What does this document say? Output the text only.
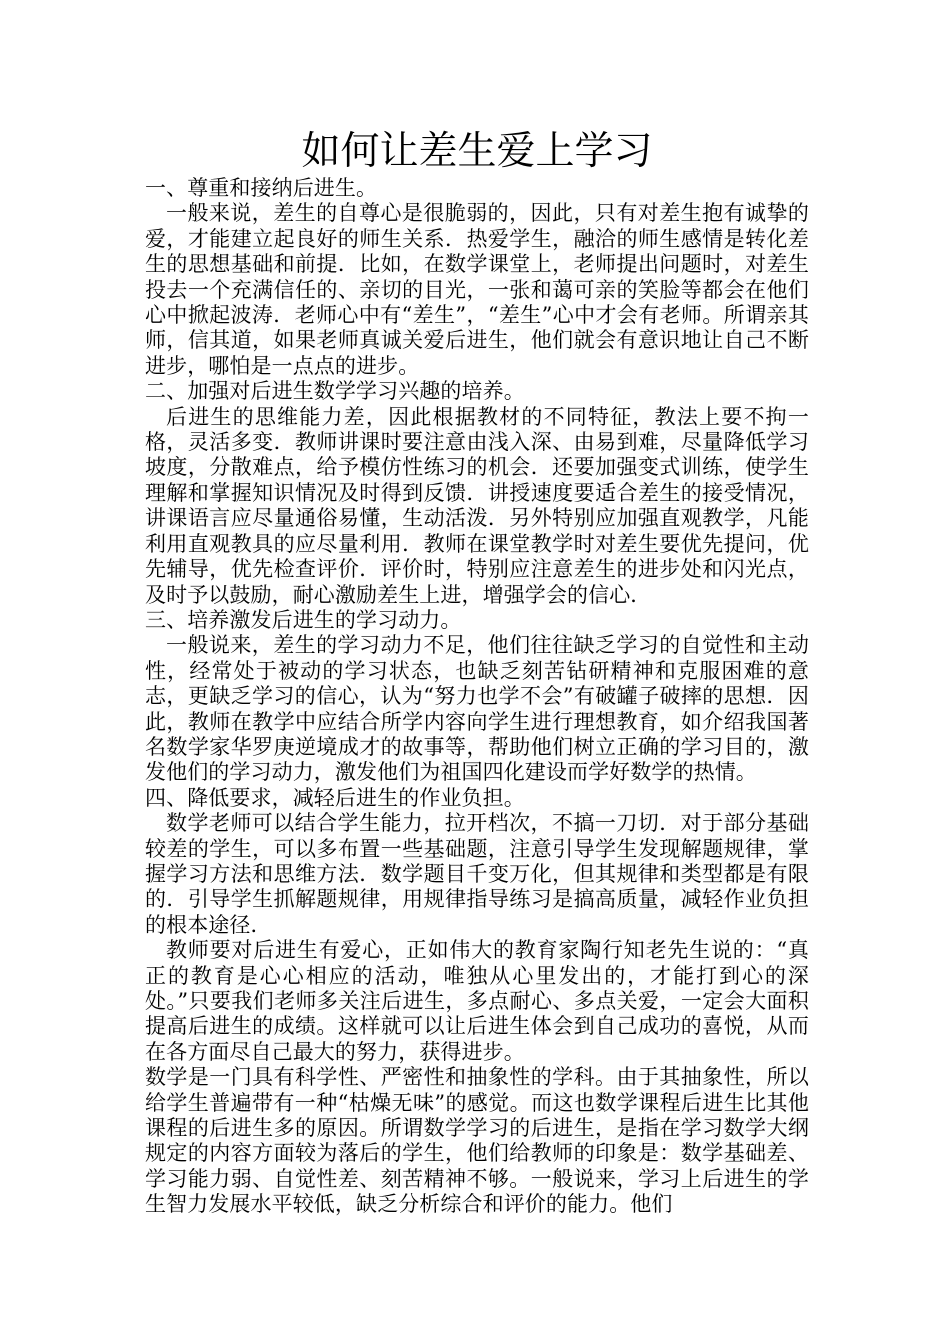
如何让差生爱上学习

一、尊重和接纳后进生。

一般来说，差生的自尊心是很脆弱的，因此，只有对差生抱有诚挚的爱，才能建立起良好的师生关系．热爱学生，融洽的师生感情是转化差生的思想基础和前提．比如，在数学课堂上，老师提出问题时，对差生投去一个充满信任的、亲切的目光，一张和蔼可亲的笑脸等都会在他们心中掀起波涛．老师心中有“差生”，“差生”心中才会有老师。所谓亲其师，信其道，如果老师真诚关爱后进生，他们就会有意识地让自己不断进步，哪怕是一点点的进步。

二、加强对后进生数学学习兴趣的培养。

后进生的思维能力差，因此根据教材的不同特征，教法上要不拘一格，灵活多变．教师讲课时要注意由浅入深、由易到难，尽量降低学习坡度，分散难点，给予模仿性练习的机会．还要加强变式训练，使学生理解和掌握知识情况及时得到反馈．讲授速度要适合差生的接受情况，讲课语言应尽量通俗易懂，生动活泼．另外特别应加强直观教学，凡能利用直观教具的应尽量利用．教师在课堂教学时对差生要优先提问，优先辅导，优先检查评价．评价时，特别应注意差生的进步处和闪光点，及时予以鼓励，耐心激励差生上进，增强学会的信心．

三、培养激发后进生的学习动力。

一般说来，差生的学习动力不足，他们往往缺乏学习的自觉性和主动性，经常处于被动的学习状态，也缺乏刻苦钻研精神和克服困难的意志，更缺乏学习的信心，认为“努力也学不会”有破罐子破摔的思想．因此，教师在教学中应结合所学内容向学生进行理想教育，如介绍我国著名数学家华罗庚逆境成才的故事等，帮助他们树立正确的学习目的，激发他们的学习动力，激发他们为祖国四化建设而学好数学的热情。

四、降低要求，减轻后进生的作业负担。

数学老师可以结合学生能力，拉开档次，不搞一刀切．对于部分基础较差的学生，可以多布置一些基础题，注意引导学生发现解题规律，掌握学习方法和思维方法．数学题目千变万化，但其规律和类型都是有限的．引导学生抓解题规律，用规律指导练习是搞高质量，减轻作业负担的根本途径．

教师要对后进生有爱心，正如伟大的教育家陶行知老先生说的：“真正的教育是心心相应的活动，唯独从心里发出的，才能打到心的深处。”只要我们老师多关注后进生，多点耐心、多点关爱，一定会大面积提高后进生的成绩。这样就可以让后进生体会到自己成功的喜悦，从而在各方面尽自己最大的努力，获得进步。

数学是一门具有科学性、严密性和抽象性的学科。由于其抽象性，所以给学生普遍带有一种“枯燥无味”的感觉。而这也数学课程后进生比其他课程的后进生多的原因。所谓数学学习的后进生，是指在学习数学大纲规定的内容方面较为落后的学生，他们给教师的印象是：数学基础差、学习能力弱、自觉性差、刻苦精神不够。一般说来，学习上后进生的学生智力发展水平较低，缺乏分析综合和评价的能力。他们
